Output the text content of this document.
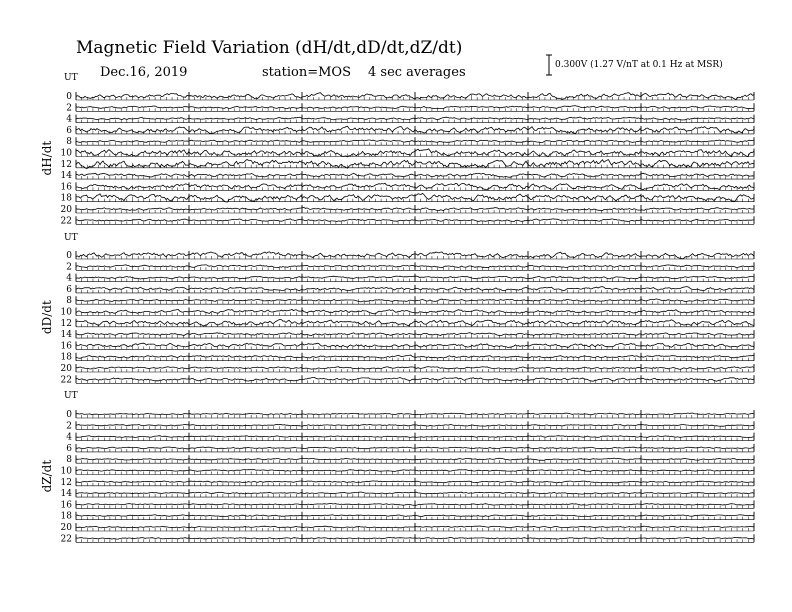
Magnetic Field Variation (dH/dt,dD/dt,dZ/dt)
Dec.16, 2019	station=MOS 4 sec averages	0.300V (1.27 V/nT at 0.1 Hz at MSR)
UT
dH/dt
0
2
4
6
8
10
12
14
16
18
20
22
UT
dD/dt
0
2
4
6
8
10
12
14
16
18
20
22
UT
dZ/dt
0
2
4
6
8
10
12
14
16
18
20
22
